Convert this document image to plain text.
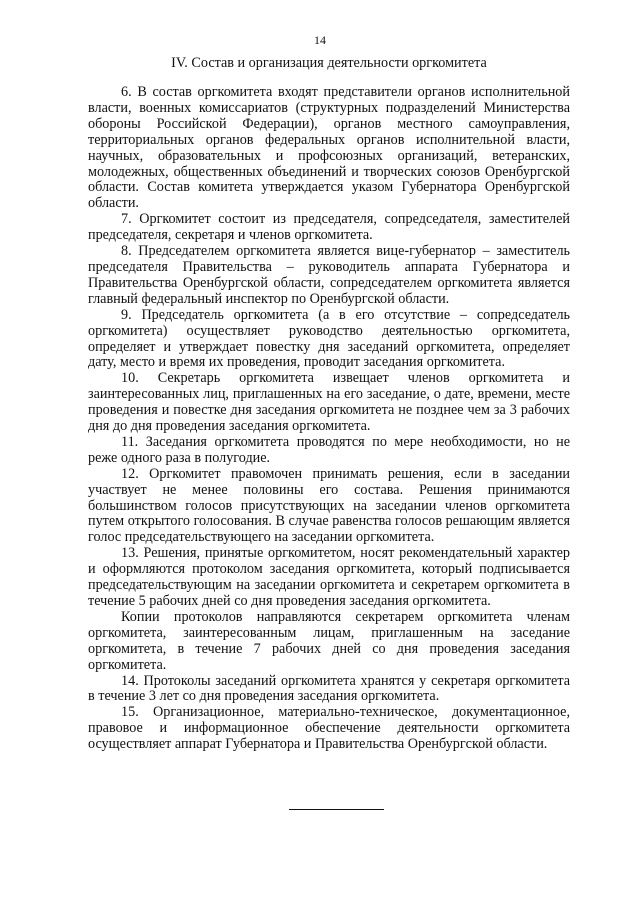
14
IV. Состав и организация деятельности оргкомитета

6. В состав оргкомитета входят представители органов исполнительной власти, военных комиссариатов (структурных подразделений Министерства обороны Российской Федерации), органов местного самоуправления, территориальных органов федеральных органов исполнительной власти, научных, образовательных и профсоюзных организаций, ветеранских, молодежных, общественных объединений и творческих союзов Оренбургской области. Состав комитета утверждается указом Губернатора Оренбургской области.

7. Оргкомитет состоит из председателя, сопредседателя, заместителей председателя, секретаря и членов оргкомитета.

8. Председателем оргкомитета является вице-губернатор – заместитель председателя Правительства – руководитель аппарата Губернатора и Правительства Оренбургской области, сопредседателем оргкомитета является главный федеральный инспектор по Оренбургской области.

9. Председатель оргкомитета (а в его отсутствие – сопредседатель оргкомитета) осуществляет руководство деятельностью оргкомитета, определяет и утверждает повестку дня заседаний оргкомитета, определяет дату, место и время их проведения, проводит заседания оргкомитета.

10. Секретарь оргкомитета извещает членов оргкомитета и заинтересованных лиц, приглашенных на его заседание, о дате, времени, месте проведения и повестке дня заседания оргкомитета не позднее чем за 3 рабочих дня до дня проведения заседания оргкомитета.

11. Заседания оргкомитета проводятся по мере необходимости, но не реже одного раза в полугодие.

12. Оргкомитет правомочен принимать решения, если в заседании участвует не менее половины его состава. Решения принимаются большинством голосов присутствующих на заседании членов оргкомитета путем открытого голосования. В случае равенства голосов решающим является голос председательствующего на заседании оргкомитета.

13. Решения, принятые оргкомитетом, носят рекомендательный характер и оформляются протоколом заседания оргкомитета, который подписывается председательствующим на заседании оргкомитета и секретарем оргкомитета в течение 5 рабочих дней со дня проведения заседания оргкомитета.

Копии протоколов направляются секретарем оргкомитета членам оргкомитета, заинтересованным лицам, приглашенным на заседание оргкомитета, в течение 7 рабочих дней со дня проведения заседания оргкомитета.

14. Протоколы заседаний оргкомитета хранятся у секретаря оргкомитета в течение 3 лет со дня проведения заседания оргкомитета.

15. Организационное, материально-техническое, документационное, правовое и информационное обеспечение деятельности оргкомитета осуществляет аппарат Губернатора и Правительства Оренбургской области.
